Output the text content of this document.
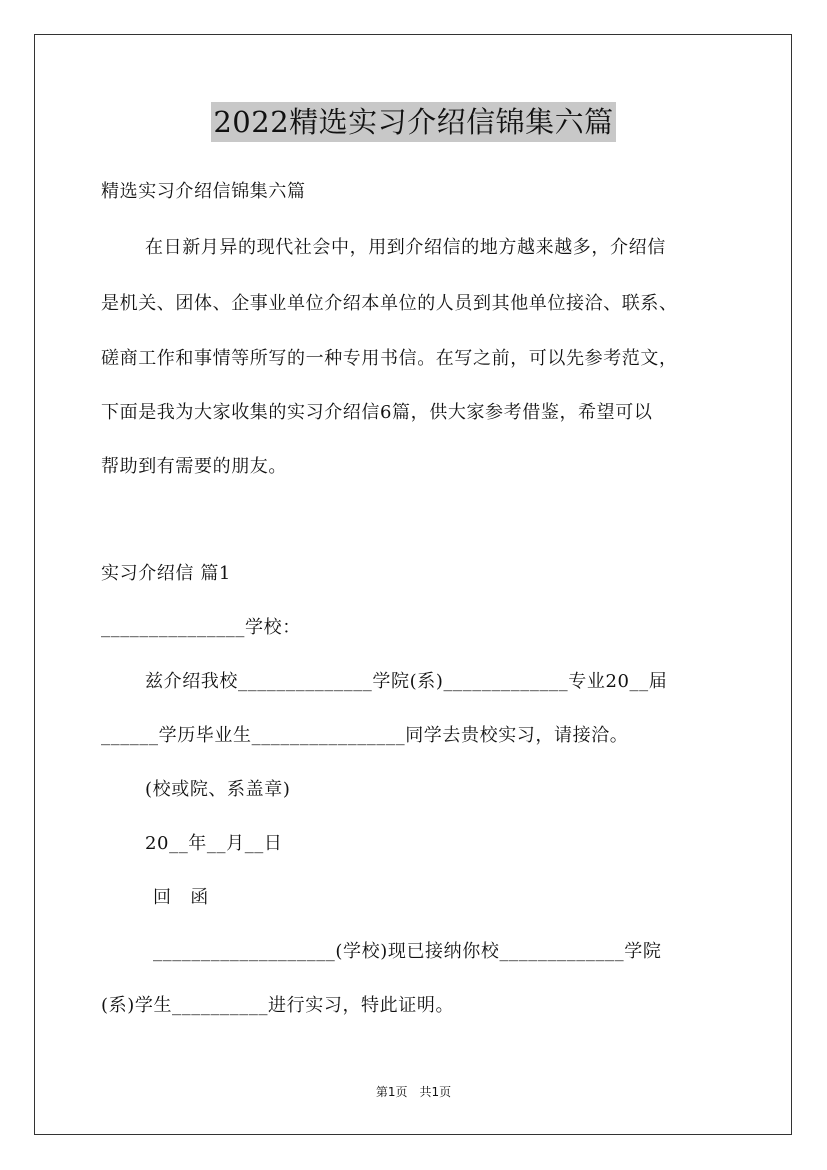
2022精选实习介绍信锦集六篇
精选实习介绍信锦集六篇
在日新月异的现代社会中，用到介绍信的地方越来越多，介绍信
是机关、团体、企事业单位介绍本单位的人员到其他单位接洽、联系、
磋商工作和事情等所写的一种专用书信。在写之前，可以先参考范文，
下面是我为大家收集的实习介绍信6篇，供大家参考借鉴，希望可以
帮助到有需要的朋友。
实习介绍信 篇1
_______________学校：
兹介绍我校______________学院(系)_____________专业20__届
______学历毕业生________________同学去贵校实习，请接洽。
(校或院、系盖章)
20__年__月__日
回　函
___________________(学校)现已接纳你校_____________学院
(系)学生__________进行实习，特此证明。
第1页　共1页
